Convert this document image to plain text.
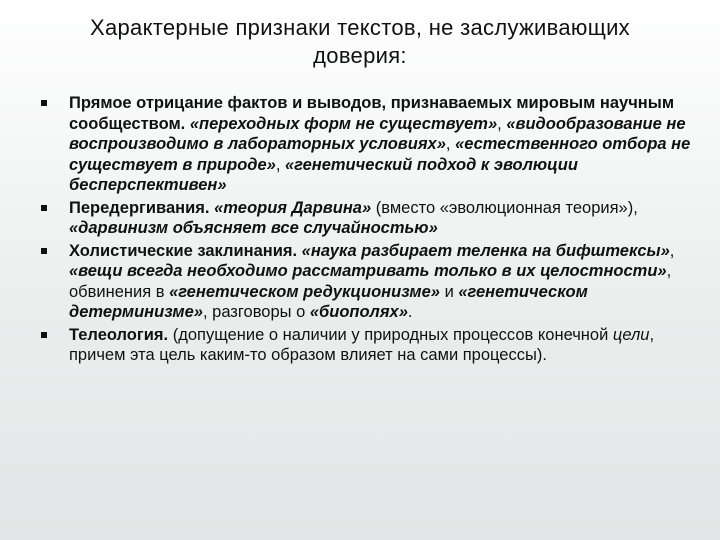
Характерные признаки текстов, не заслуживающих
доверия:
Прямое отрицание фактов и выводов, признаваемых мировым научным сообществом. «переходных форм не существует», «видообразование не воспроизводимо в лабораторных условиях», «естественного отбора не существует в природе», «генетический подход к эволюции бесперспективен»
Передергивания. «теория Дарвина» (вместо «эволюционная теория»), «дарвинизм объясняет все случайностью»
Холистические заклинания. «наука разбирает теленка на бифштексы», «вещи всегда необходимо рассматривать только в их целостности», обвинения в «генетическом редукционизме» и «генетическом детерминизме», разговоры о «биополях».
Телеология. (допущение о наличии у природных процессов конечной цели, причем эта цель каким-то образом влияет на сами процессы).
